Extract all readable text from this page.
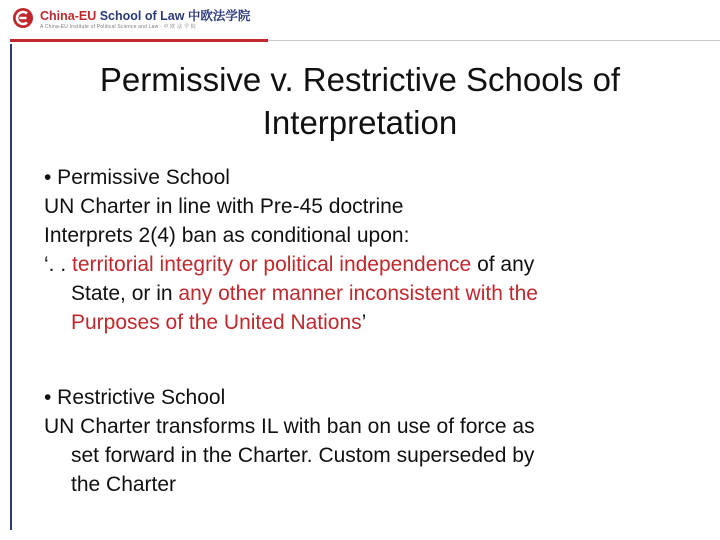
China-EU School of Law 中欧法学院
A China-EU Institute of Political Science and Law · 中 欧 法 学 院
Permissive v. Restrictive Schools of Interpretation
• Permissive School
UN Charter in line with Pre-45 doctrine
Interprets 2(4) ban as conditional upon:
‘. . territorial integrity or political independence of any
State, or in any other manner inconsistent with the
Purposes of the United Nations’
• Restrictive School
UN Charter transforms IL with ban on use of force as
set forward in the Charter. Custom superseded by
the Charter
